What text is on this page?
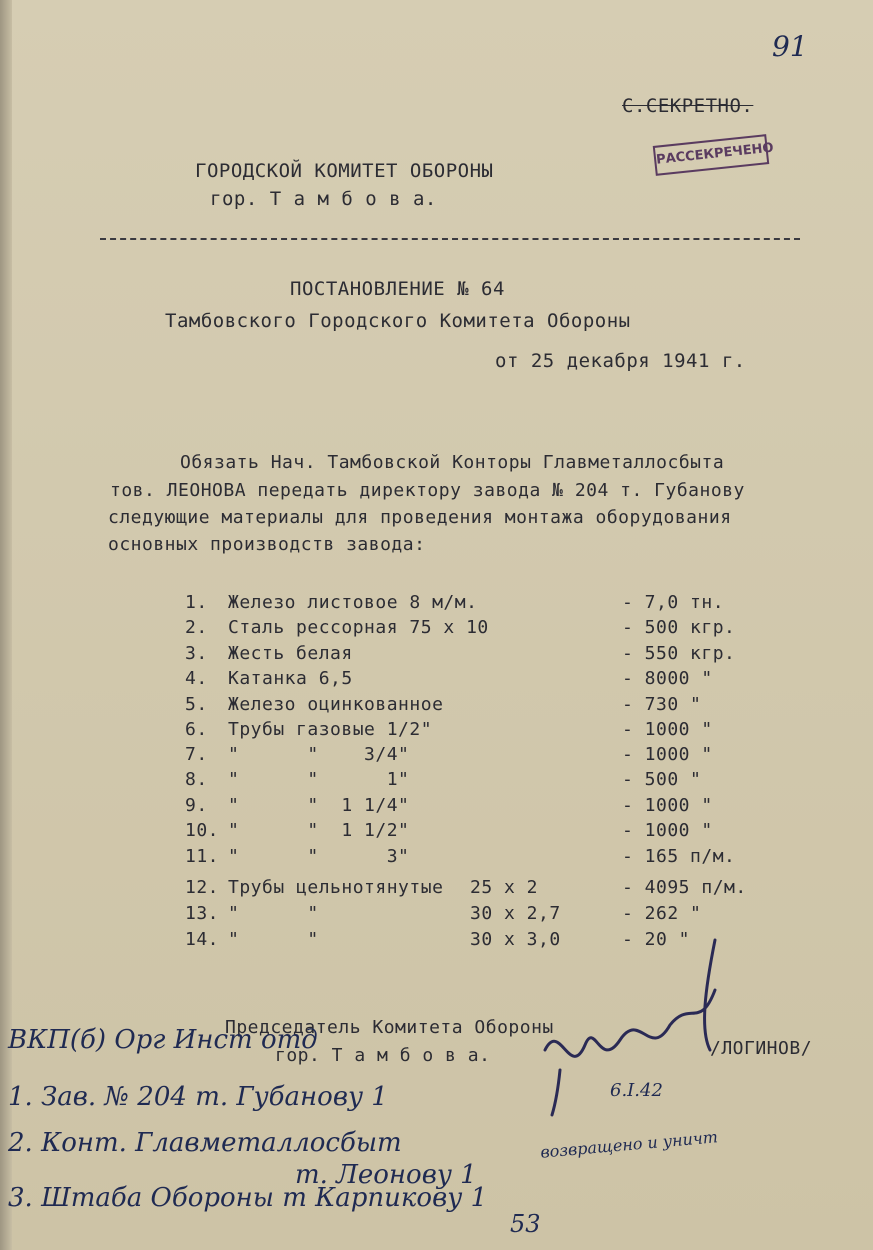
91
С.СЕКРЕТНО.
РАССЕКРЕЧЕНО
ГОРОДСКОЙ КОМИТЕТ ОБОРОНЫ
гор. Т а м б о в а.
ПОСТАНОВЛЕНИЕ № 64
Тамбовского Городского Комитета Обороны
от 25 декабря 1941 г.
Обязать Нач. Тамбовской Конторы Главметаллосбыта
тов. ЛЕОНОВА передать директору завода № 204 т. Губанову
следующие материалы для проведения монтажа оборудования
основных производств завода:
1. Железо листовое 8 м/м.	- 7,0 тн.
2. Сталь рессорная 75 х 10	- 500 кгр.
3. Жесть белая	- 550 кгр.
4. Катанка 6,5	- 8000 "
5. Железо оцинкованное	- 730 "
6. Трубы газовые 1/2"	- 1000 "
7. "      "    3/4"	- 1000 "
8. "      "      1"	- 500 "
9. "      "  1 1/4"	- 1000 "
10. "      "  1 1/2"	- 1000 "
11. "      "      3"	- 165 п/м.
12. Трубы цельнотянутые 25 х 2	- 4095 п/м.
13. "      "	30 х 2,7	- 262 "
14. "      "	30 х 3,0	- 20 "
Председатель Комитета Обороны
гор. Т а м б о в а.	/ЛОГИНОВ/
ВКП(б) Орг Инст отд
1. Зав. № 204 т. Губанову 1	6.I.42
2. Конт. Главметаллосбыт
т. Леонову 1
возвращено и уничт
3. Штаба Обороны т Карпикову 1
53
